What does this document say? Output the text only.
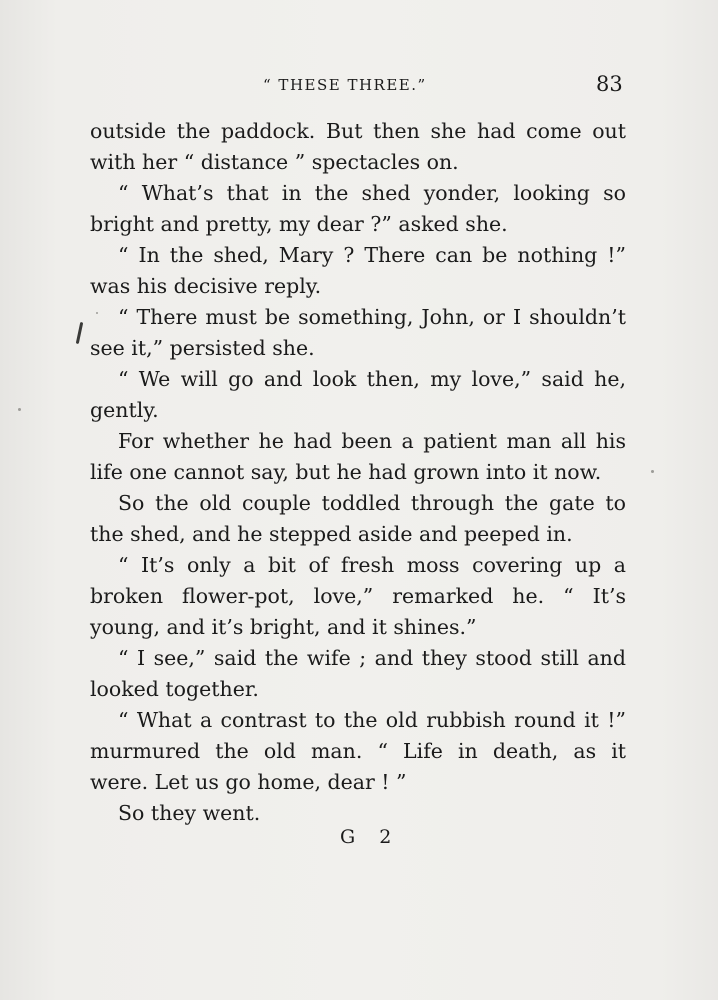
“ THESE THREE.”	83
outside the paddock. But then she had come out
with her “ distance ” spectacles on.
“ What’s that in the shed yonder, looking so
bright and pretty, my dear ?” asked she.
“ In the shed, Mary ? There can be nothing !”
was his decisive reply.
“ There must be something, John, or I shouldn’t
see it,” persisted she.
“ We will go and look then, my love,” said he,
gently.
For whether he had been a patient man all his
life one cannot say, but he had grown into it now.
So the old couple toddled through the gate to
the shed, and he stepped aside and peeped in.
“ It’s only a bit of fresh moss covering up a
broken flower-pot, love,” remarked he. “ It’s
young, and it’s bright, and it shines.”
“ I see,” said the wife ; and they stood still and
looked together.
“ What a contrast to the old rubbish round it !”
murmured the old man. “ Life in death, as it
were. Let us go home, dear ! ”
So they went.
G 2
